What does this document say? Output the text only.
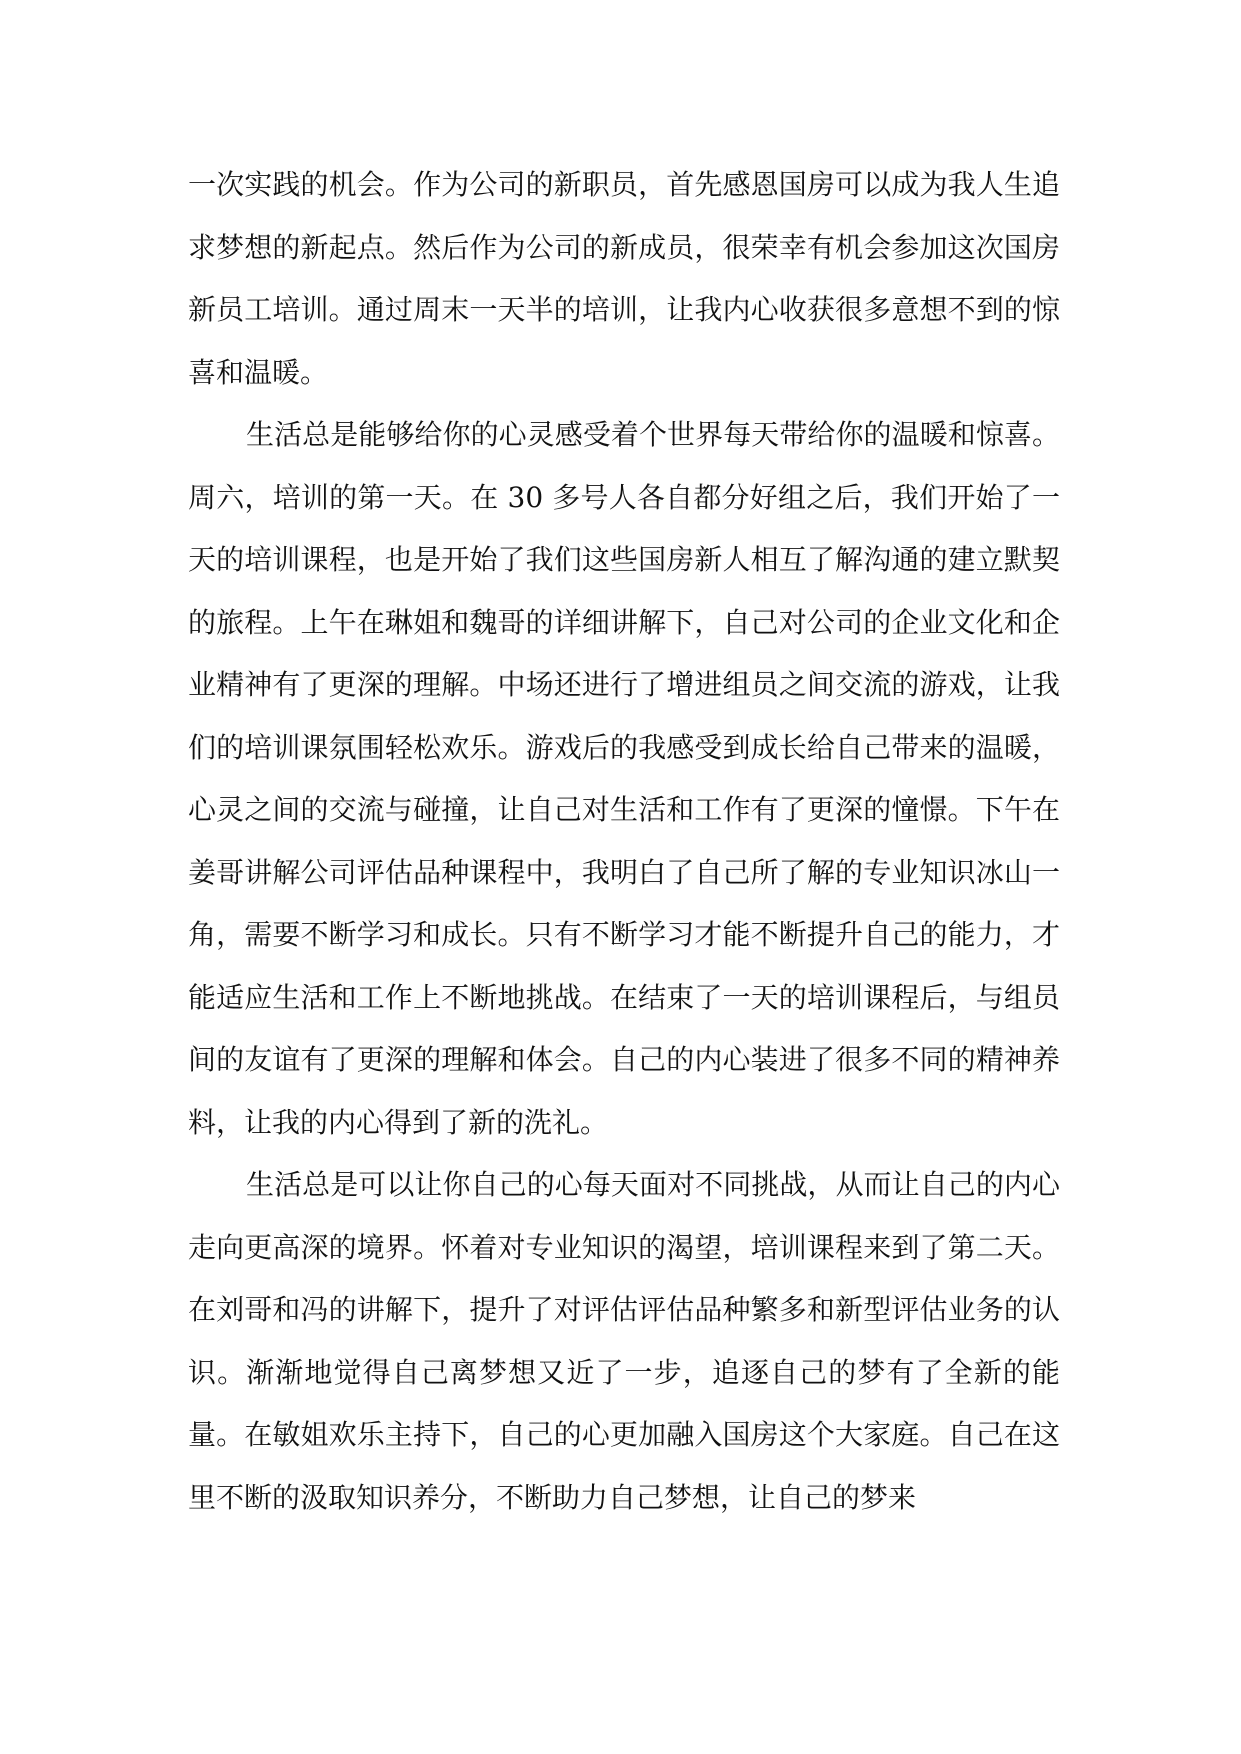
一次实践的机会。作为公司的新职员，首先感恩国房可以成为我人生追求梦想的新起点。然后作为公司的新成员，很荣幸有机会参加这次国房新员工培训。通过周末一天半的培训，让我内心收获很多意想不到的惊喜和温暖。

生活总是能够给你的心灵感受着个世界每天带给你的温暖和惊喜。周六，培训的第一天。在 30 多号人各自都分好组之后，我们开始了一天的培训课程，也是开始了我们这些国房新人相互了解沟通的建立默契的旅程。上午在琳姐和魏哥的详细讲解下，自己对公司的企业文化和企业精神有了更深的理解。中场还进行了增进组员之间交流的游戏，让我们的培训课氛围轻松欢乐。游戏后的我感受到成长给自己带来的温暖，心灵之间的交流与碰撞，让自己对生活和工作有了更深的憧憬。下午在姜哥讲解公司评估品种课程中，我明白了自己所了解的专业知识冰山一角，需要不断学习和成长。只有不断学习才能不断提升自己的能力，才能适应生活和工作上不断地挑战。在结束了一天的培训课程后，与组员间的友谊有了更深的理解和体会。自己的内心装进了很多不同的精神养料，让我的内心得到了新的洗礼。

生活总是可以让你自己的心每天面对不同挑战，从而让自己的内心走向更高深的境界。怀着对专业知识的渴望，培训课程来到了第二天。在刘哥和冯的讲解下，提升了对评估评估品种繁多和新型评估业务的认识。渐渐地觉得自己离梦想又近了一步，追逐自己的梦有了全新的能量。在敏姐欢乐主持下，自己的心更加融入国房这个大家庭。自己在这里不断的汲取知识养分，不断助力自己梦想，让自己的梦来
